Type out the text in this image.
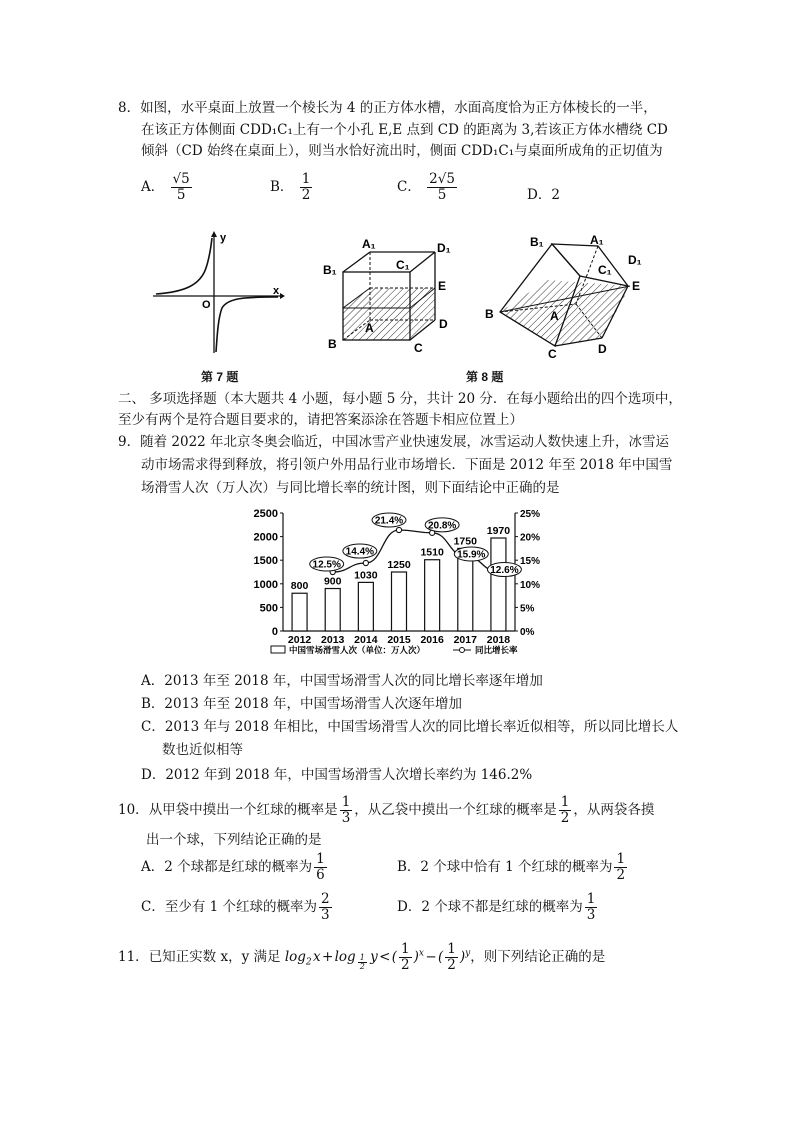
8．如图，水平桌面上放置一个棱长为 4 的正方体水槽，水面高度恰为正方体棱长的一半，
在该正方体侧面 CDD₁C₁上有一个小孔 E,E 点到 CD 的距离为 3,若该正方体水槽绕 CD
倾斜（CD 始终在桌面上），则当水恰好流出时，侧面 CDD₁C₁与桌面所成角的正切值为
A． $\frac{√5}{5}$	B． $\frac{1}{2}$	C． $\frac{2√5}{5}$	D．2
y
x
O
A₁	D₁
B₁	C₁
E
A	D
B	C
B₁	A₁
C₁
D₁
E
B	A
C	D
第 7 题	第 8 题
二、 多项选择题（本大题共 4 小题，每小题 5 分，共计 20 分．在每小题给出的四个选项中，
至少有两个是符合题目要求的，请把答案添涂在答题卡相应位置上）
9．随着 2022 年北京冬奥会临近，中国冰雪产业快速发展，冰雪运动人数快速上升，冰雪运
动市场需求得到释放，将引领户外用品行业市场增长．下面是 2012 年至 2018 年中国雪
场滑雪人次（万人次）与同比增长率的统计图，则下面结论中正确的是
0
500
1000
1500
2000
2500
0%
5%
10%
15%
20%
25%
2012 2013 2014 2015 2016 2017 2018
800 900
1030
1250
1510
1750
1970
12.5%
14.4%
21.4% 20.8%
15.9%
12.6%
中国雪场滑雪人次（单位：万人次）	同比增长率
A．2013 年至 2018 年，中国雪场滑雪人次的同比增长率逐年增加
B．2013 年至 2018 年，中国雪场滑雪人次逐年增加
C．2013 年与 2018 年相比，中国雪场滑雪人次的同比增长率近似相等，所以同比增长人
数也近似相等
D．2012 年到 2018 年，中国雪场滑雪人次增长率约为 146.2%
10．从甲袋中摸出一个红球的概率是 $\frac{1}{3}$ ，从乙袋中摸出一个红球的概率是 $\frac{1}{2}$ ，从两袋各摸
出一个球，下列结论正确的是
A．2 个球都是红球的概率为 $\frac{1}{6}$	B．2 个球中恰有 1 个红球的概率为 $\frac{1}{2}$
C．至少有 1 个红球的概率为 $\frac{2}{3}$	D．2 个球不都是红球的概率为 $\frac{1}{3}$
11．已知正实数 x，y 满足 $\log_2$ x + log $_{\frac{1}{2}}$  y < ( $\frac{1}{2} )^x$ − ( $\frac{1}{2} )^y$，则下列结论正确的是
